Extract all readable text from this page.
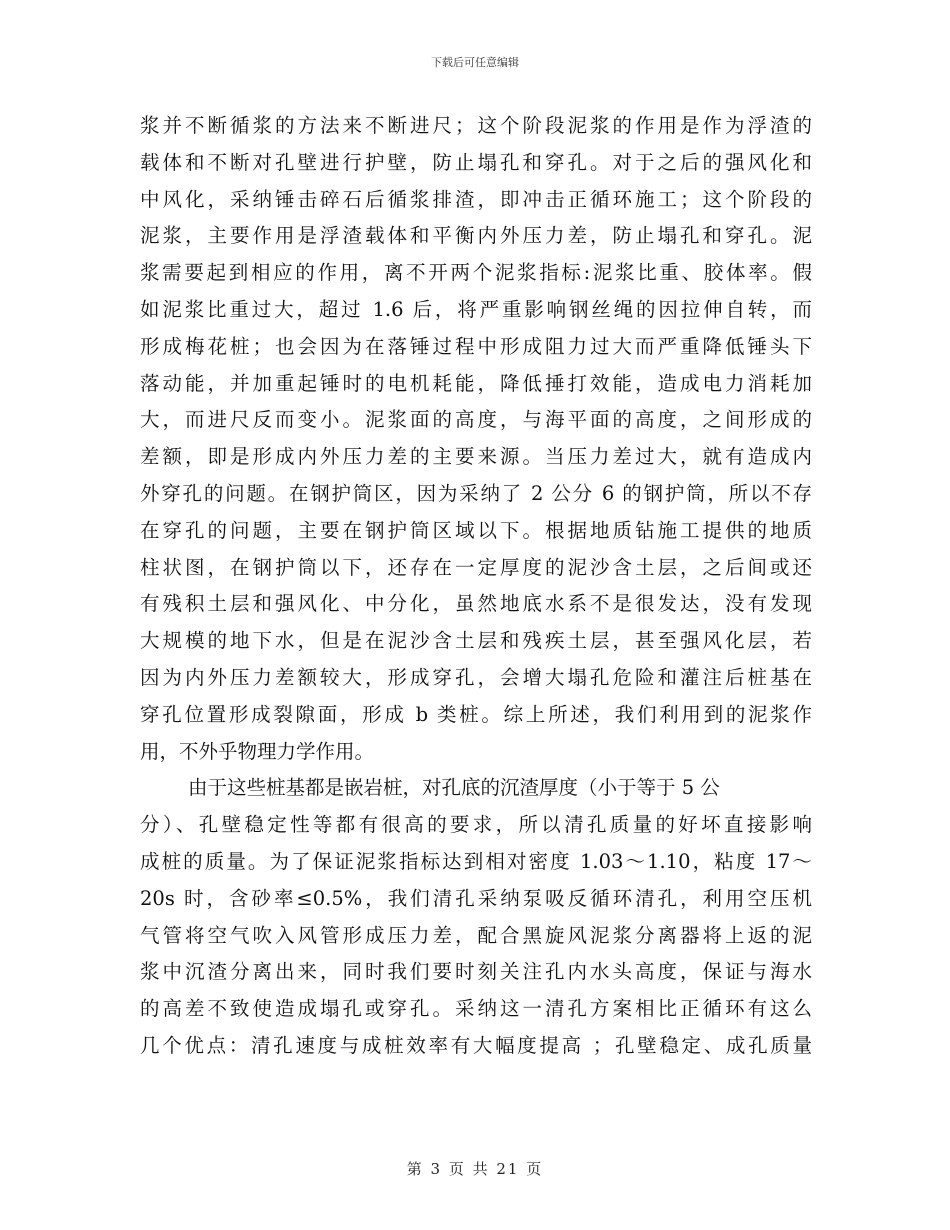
下载后可任意编辑
浆并不断循浆的方法来不断进尺；这个阶段泥浆的作用是作为浮渣的
载体和不断对孔壁进行护壁，防止塌孔和穿孔。对于之后的强风化和
中风化，采纳锤击碎石后循浆排渣，即冲击正循环施工；这个阶段的
泥浆，主要作用是浮渣载体和平衡内外压力差，防止塌孔和穿孔。泥
浆需要起到相应的作用，离不开两个泥浆指标:泥浆比重、胶体率。假
如泥浆比重过大，超过 1.6 后，将严重影响钢丝绳的因拉伸自转，而
形成梅花桩；也会因为在落锤过程中形成阻力过大而严重降低锤头下
落动能，并加重起锤时的电机耗能，降低捶打效能，造成电力消耗加
大，而进尺反而变小。泥浆面的高度，与海平面的高度，之间形成的
差额，即是形成内外压力差的主要来源。当压力差过大，就有造成内
外穿孔的问题。在钢护筒区，因为采纳了 2 公分 6 的钢护筒，所以不存
在穿孔的问题，主要在钢护筒区域以下。根据地质钻施工提供的地质
柱状图，在钢护筒以下，还存在一定厚度的泥沙含土层，之后间或还
有残积土层和强风化、中分化，虽然地底水系不是很发达，没有发现
大规模的地下水，但是在泥沙含土层和残疾土层，甚至强风化层，若
因为内外压力差额较大，形成穿孔，会增大塌孔危险和灌注后桩基在
穿孔位置形成裂隙面，形成 b 类桩。综上所述，我们利用到的泥浆作
用，不外乎物理力学作用。
由于这些桩基都是嵌岩桩，对孔底的沉渣厚度（小于等于 5 公
分）、孔壁稳定性等都有很高的要求，所以清孔质量的好坏直接影响
成桩的质量。为了保证泥浆指标达到相对密度 1.03～1.10，粘度 17～
20s 时，含砂率≤0.5%，我们清孔采纳泵吸反循环清孔，利用空压机
气管将空气吹入风管形成压力差，配合黑旋风泥浆分离器将上返的泥
浆中沉渣分离出来，同时我们要时刻关注孔内水头高度，保证与海水
的高差不致使造成塌孔或穿孔。采纳这一清孔方案相比正循环有这么
几个优点：清孔速度与成桩效率有大幅度提高 ；孔壁稳定、成孔质量
第 3 页 共 21 页
